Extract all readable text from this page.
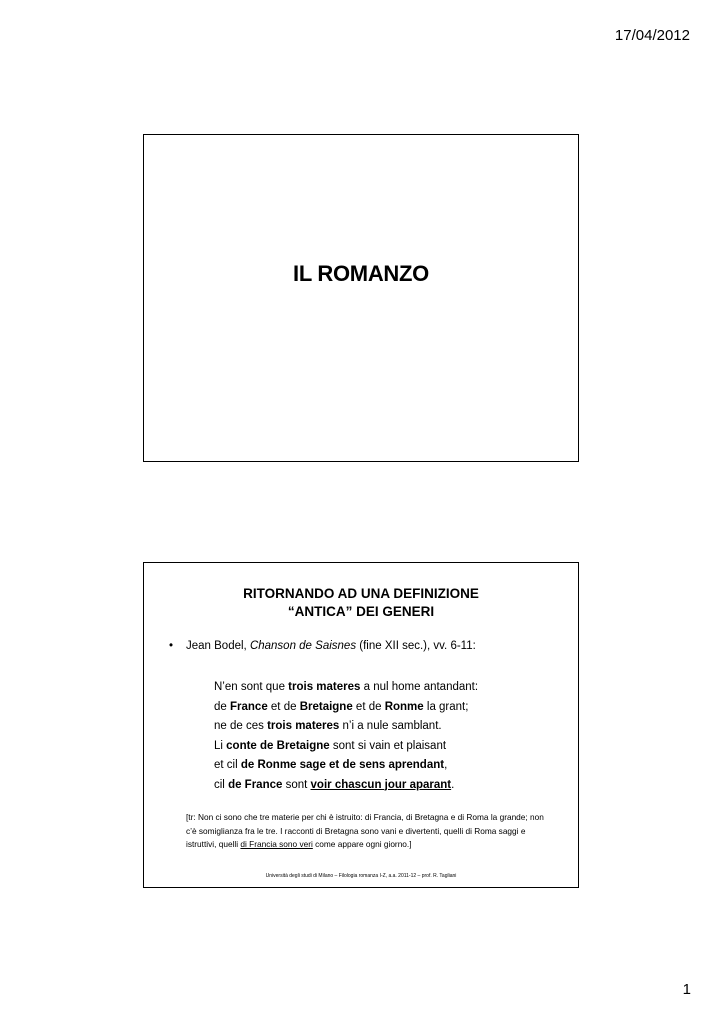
17/04/2012
IL ROMANZO
RITORNANDO AD UNA DEFINIZIONE
“ANTICA” DEI GENERI
• Jean Bodel, Chanson de Saisnes (fine XII sec.), vv. 6-11:
N’en sont que trois materes a nul home antandant:
de France et de Bretaigne et de Ronme la grant;
ne de ces trois materes n’i a nule samblant.
Li conte de Bretaigne sont si vain et plaisant
et cil de Ronme sage et de sens aprendant,
cil de France sont voir chascun jour aparant.
[tr: Non ci sono che tre materie per chi è istruito: di Francia, di Bretagna e di Roma la grande; non c’è somiglianza fra le tre. I racconti di Bretagna sono vani e divertenti, quelli di Roma saggi e istruttivi, quelli di Francia sono veri come appare ogni giorno.]
Università degli studi di Milano – Filologia romanza I-Z, a.a. 2011-12 – prof. R. Tagliani
1
